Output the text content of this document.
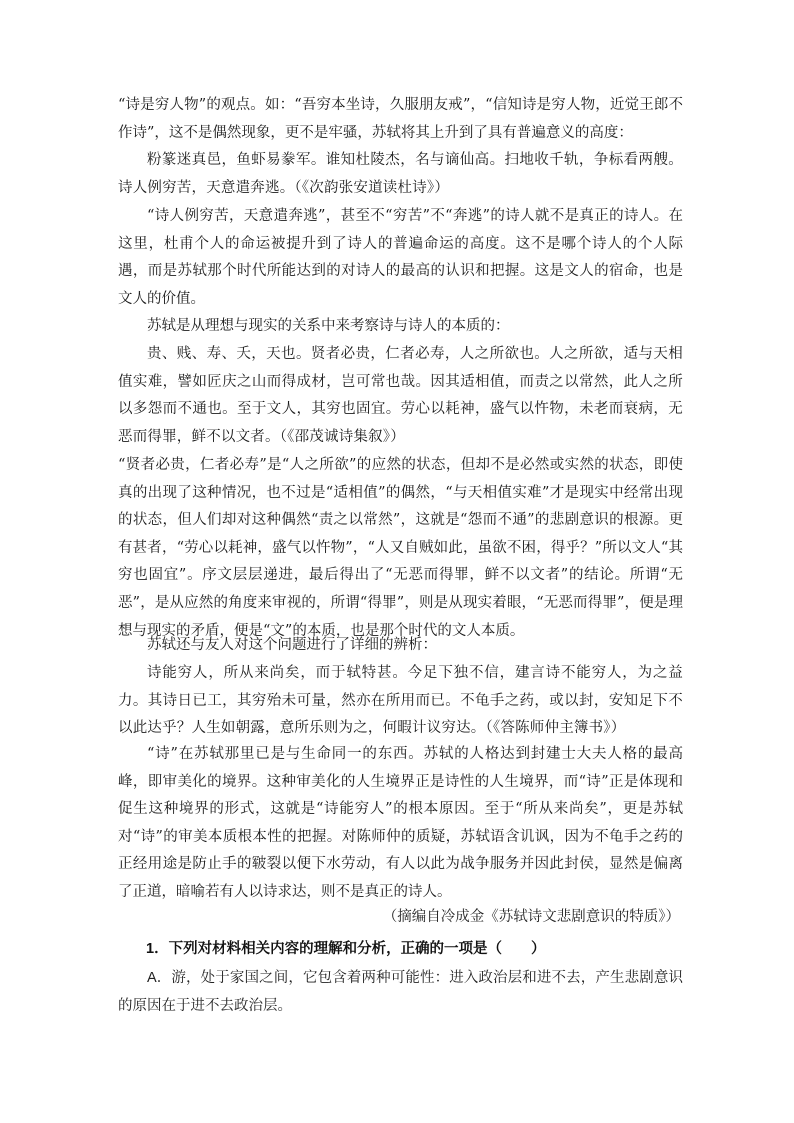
“诗是穷人物”的观点。如：“吾穷本坐诗，久服朋友戒”，“信知诗是穷人物，近觉王郎不作诗”，这不是偶然现象，更不是牢骚，苏轼将其上升到了具有普遍意义的高度：

粉篆迷真邑，鱼虾易豢军。谁知杜陵杰，名与谪仙高。扫地收千轨，争标看两艘。诗人例穷苦，天意遣奔逃。（《次韵张安道读杜诗》）

“诗人例穷苦，天意遣奔逃”，甚至不“穷苦”不“奔逃”的诗人就不是真正的诗人。在这里，杜甫个人的命运被提升到了诗人的普遍命运的高度。这不是哪个诗人的个人际遇，而是苏轼那个时代所能达到的对诗人的最高的认识和把握。这是文人的宿命，也是文人的价值。

苏轼是从理想与现实的关系中来考察诗与诗人的本质的：

贵、贱、寿、夭，天也。贤者必贵，仁者必寿，人之所欲也。人之所欲，适与天相值实难，譬如匠庆之山而得成材，岂可常也哉。因其适相值，而责之以常然，此人之所以多怨而不通也。至于文人，其穷也固宜。劳心以耗神，盛气以忤物，未老而衰病，无恶而得罪，鲜不以文者。（《邵茂诚诗集叙》）

“贤者必贵，仁者必寿”是“人之所欲”的应然的状态，但却不是必然或实然的状态，即使真的出现了这种情况，也不过是“适相值”的偶然，“与天相值实难”才是现实中经常出现的状态，但人们却对这种偶然“责之以常然”，这就是“怨而不通”的悲剧意识的根源。更有甚者，“劳心以耗神，盛气以忤物”，“人又自贼如此，虽欲不困，得乎？”所以文人“其穷也固宜”。序文层层递进，最后得出了“无恶而得罪，鲜不以文者”的结论。所谓“无恶”，是从应然的角度来审视的，所谓“得罪”，则是从现实着眼，“无恶而得罪”，便是理想与现实的矛盾，便是“文”的本质，也是那个时代的文人本质。

苏轼还与友人对这个问题进行了详细的辨析：

诗能穷人，所从来尚矣，而于轼特甚。今足下独不信，建言诗不能穷人，为之益力。其诗日已工，其穷殆未可量，然亦在所用而已。不龟手之药，或以封，安知足下不以此达乎？人生如朝露，意所乐则为之，何暇计议穷达。（《答陈师仲主簿书》）

“诗”在苏轼那里已是与生命同一的东西。苏轼的人格达到封建士大夫人格的最高峰，即审美化的境界。这种审美化的人生境界正是诗性的人生境界，而“诗”正是体现和促生这种境界的形式，这就是“诗能穷人”的根本原因。至于“所从来尚矣”，更是苏轼对“诗”的审美本质根本性的把握。对陈师仲的质疑，苏轼语含讥讽，因为不龟手之药的正经用途是防止手的皲裂以便下水劳动，有人以此为战争服务并因此封侯，显然是偏离了正道，暗喻若有人以诗求达，则不是真正的诗人。

（摘编自冷成金《苏轼诗文悲剧意识的特质》）
1．下列对材料相关内容的理解和分析，正确的一项是（　　）
A．游，处于家国之间，它包含着两种可能性：进入政治层和进不去，产生悲剧意识的原因在于进不去政治层。
